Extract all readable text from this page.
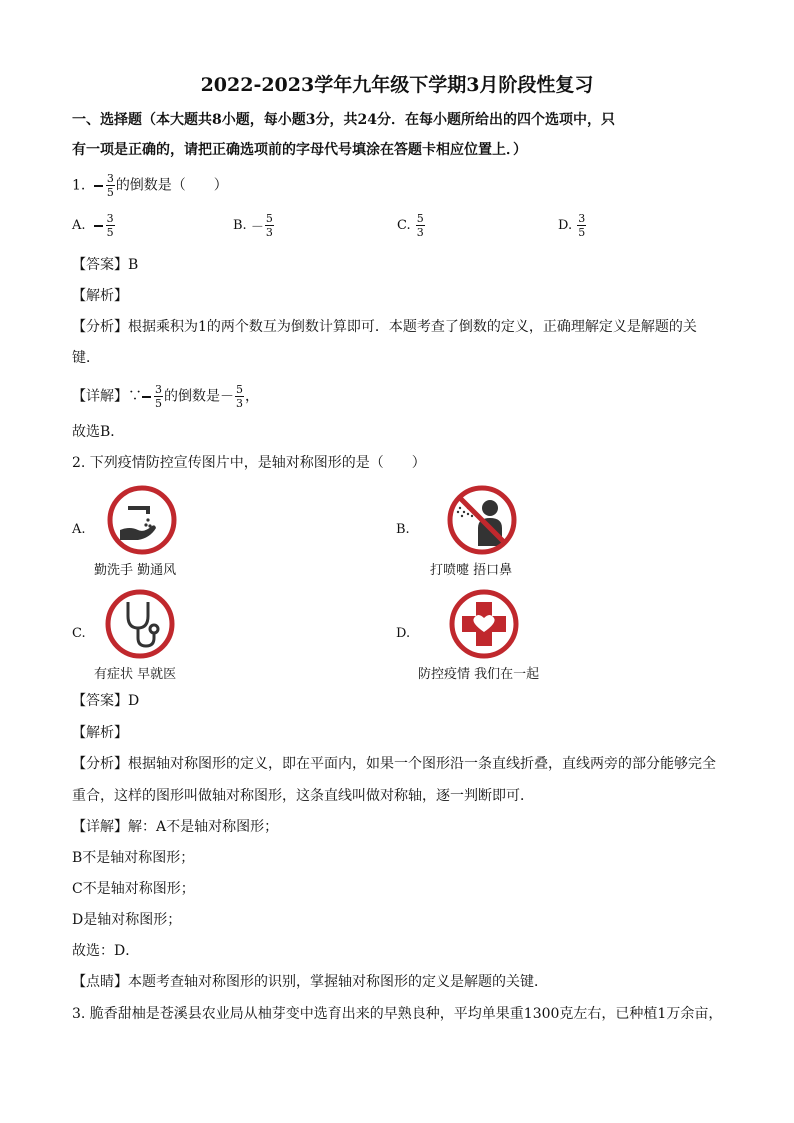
2022-2023学年九年级下学期3月阶段性复习
一、选择题（本大题共8小题，每小题3分，共24分．在每小题所给出的四个选项中，只
有一项是正确的，请把正确选项前的字母代号填涂在答题卡相应位置上．）
1. $\frac{3}{5}$ 的倒数是（　　）
A. $\frac{3}{5}$	B. － $\frac{5}{3}$	C. $\frac{5}{3}$	D. $\frac{3}{5}$
【答案】B
【解析】
【分析】根据乘积为1的两个数互为倒数计算即可．本题考查了倒数的定义，正确理解定义是解题的关
键．
【详解】∵ $\frac{3}{5}$ 的倒数是－ $\frac{5}{3}$ ，
故选B．
2. 下列疫情防控宣传图片中，是轴对称图形的是（　　）
A.
勤洗手 勤通风
B.
打喷嚏 捂口鼻
C.
有症状 早就医
D.
防控疫情 我们在一起
【答案】D
【解析】
【分析】根据轴对称图形的定义，即在平面内，如果一个图形沿一条直线折叠，直线两旁的部分能够完全
重合，这样的图形叫做轴对称图形，这条直线叫做对称轴，逐一判断即可．
【详解】解：A不是轴对称图形；
B不是轴对称图形；
C不是轴对称图形；
D是轴对称图形；
故选：D．
【点睛】本题考查轴对称图形的识别，掌握轴对称图形的定义是解题的关键．
3. 脆香甜柚是苍溪县农业局从柚芽变中选育出来的早熟良种，平均单果重1300克左右，已种植1万余亩，
